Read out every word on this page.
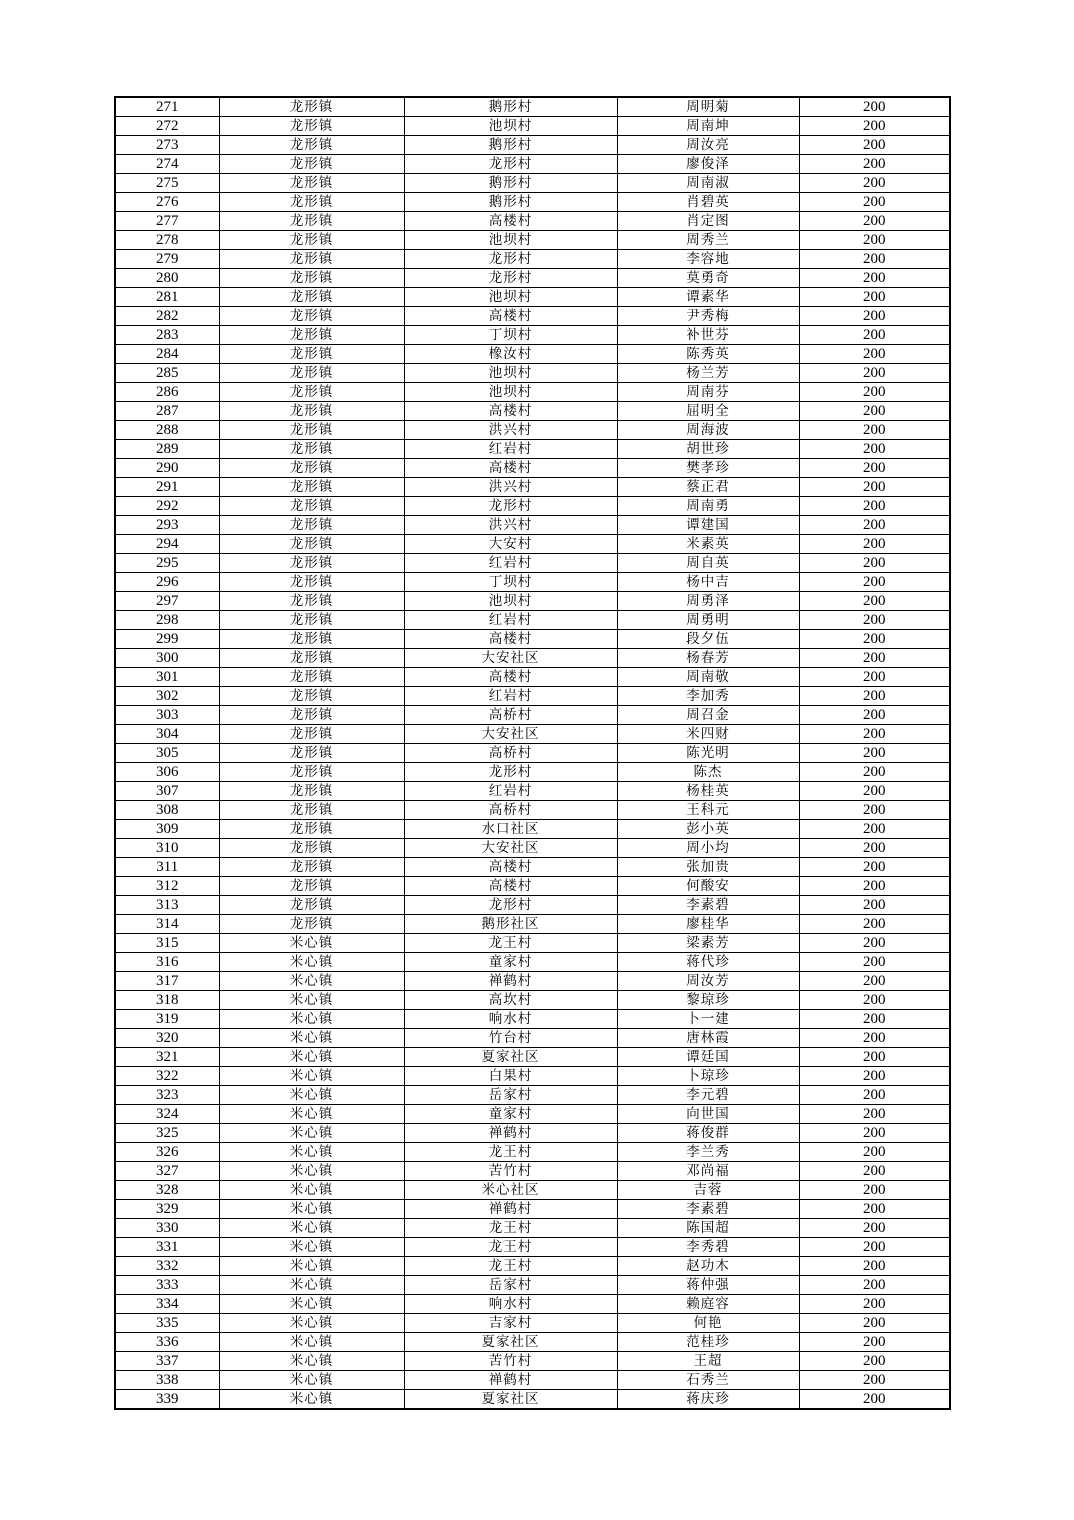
271	龙形镇	鹅形村	周明菊	200
272	龙形镇	池坝村	周南坤	200
273	龙形镇	鹅形村	周汝亮	200
274	龙形镇	龙形村	廖俊泽	200
275	龙形镇	鹅形村	周南淑	200
276	龙形镇	鹅形村	肖碧英	200
277	龙形镇	高楼村	肖定图	200
278	龙形镇	池坝村	周秀兰	200
279	龙形镇	龙形村	李容地	200
280	龙形镇	龙形村	莫勇奇	200
281	龙形镇	池坝村	谭素华	200
282	龙形镇	高楼村	尹秀梅	200
283	龙形镇	丁坝村	补世芬	200
284	龙形镇	橡汝村	陈秀英	200
285	龙形镇	池坝村	杨兰芳	200
286	龙形镇	池坝村	周南芬	200
287	龙形镇	高楼村	屈明全	200
288	龙形镇	洪兴村	周海波	200
289	龙形镇	红岩村	胡世珍	200
290	龙形镇	高楼村	樊孝珍	200
291	龙形镇	洪兴村	蔡正君	200
292	龙形镇	龙形村	周南勇	200
293	龙形镇	洪兴村	谭建国	200
294	龙形镇	大安村	米素英	200
295	龙形镇	红岩村	周自英	200
296	龙形镇	丁坝村	杨中吉	200
297	龙形镇	池坝村	周勇泽	200
298	龙形镇	红岩村	周勇明	200
299	龙形镇	高楼村	段夕伍	200
300	龙形镇	大安社区	杨春芳	200
301	龙形镇	高楼村	周南敬	200
302	龙形镇	红岩村	李加秀	200
303	龙形镇	高桥村	周召金	200
304	龙形镇	大安社区	米四财	200
305	龙形镇	高桥村	陈光明	200
306	龙形镇	龙形村	陈杰	200
307	龙形镇	红岩村	杨桂英	200
308	龙形镇	高桥村	王科元	200
309	龙形镇	水口社区	彭小英	200
310	龙形镇	大安社区	周小均	200
311	龙形镇	高楼村	张加贵	200
312	龙形镇	高楼村	何酸安	200
313	龙形镇	龙形村	李素碧	200
314	龙形镇	鹅形社区	廖桂华	200
315	米心镇	龙王村	梁素芳	200
316	米心镇	童家村	蒋代珍	200
317	米心镇	禅鹤村	周汝芳	200
318	米心镇	高坎村	黎琼珍	200
319	米心镇	响水村	卜一建	200
320	米心镇	竹台村	唐林霞	200
321	米心镇	夏家社区	谭廷国	200
322	米心镇	白果村	卜琼珍	200
323	米心镇	岳家村	李元碧	200
324	米心镇	童家村	向世国	200
325	米心镇	禅鹤村	蒋俊群	200
326	米心镇	龙王村	李兰秀	200
327	米心镇	苦竹村	邓尚福	200
328	米心镇	米心社区	吉蓉	200
329	米心镇	禅鹤村	李素碧	200
330	米心镇	龙王村	陈国超	200
331	米心镇	龙王村	李秀碧	200
332	米心镇	龙王村	赵功木	200
333	米心镇	岳家村	蒋仲强	200
334	米心镇	响水村	赖庭容	200
335	米心镇	吉家村	何艳	200
336	米心镇	夏家社区	范桂珍	200
337	米心镇	苦竹村	王超	200
338	米心镇	禅鹤村	石秀兰	200
339	米心镇	夏家社区	蒋庆珍	200
